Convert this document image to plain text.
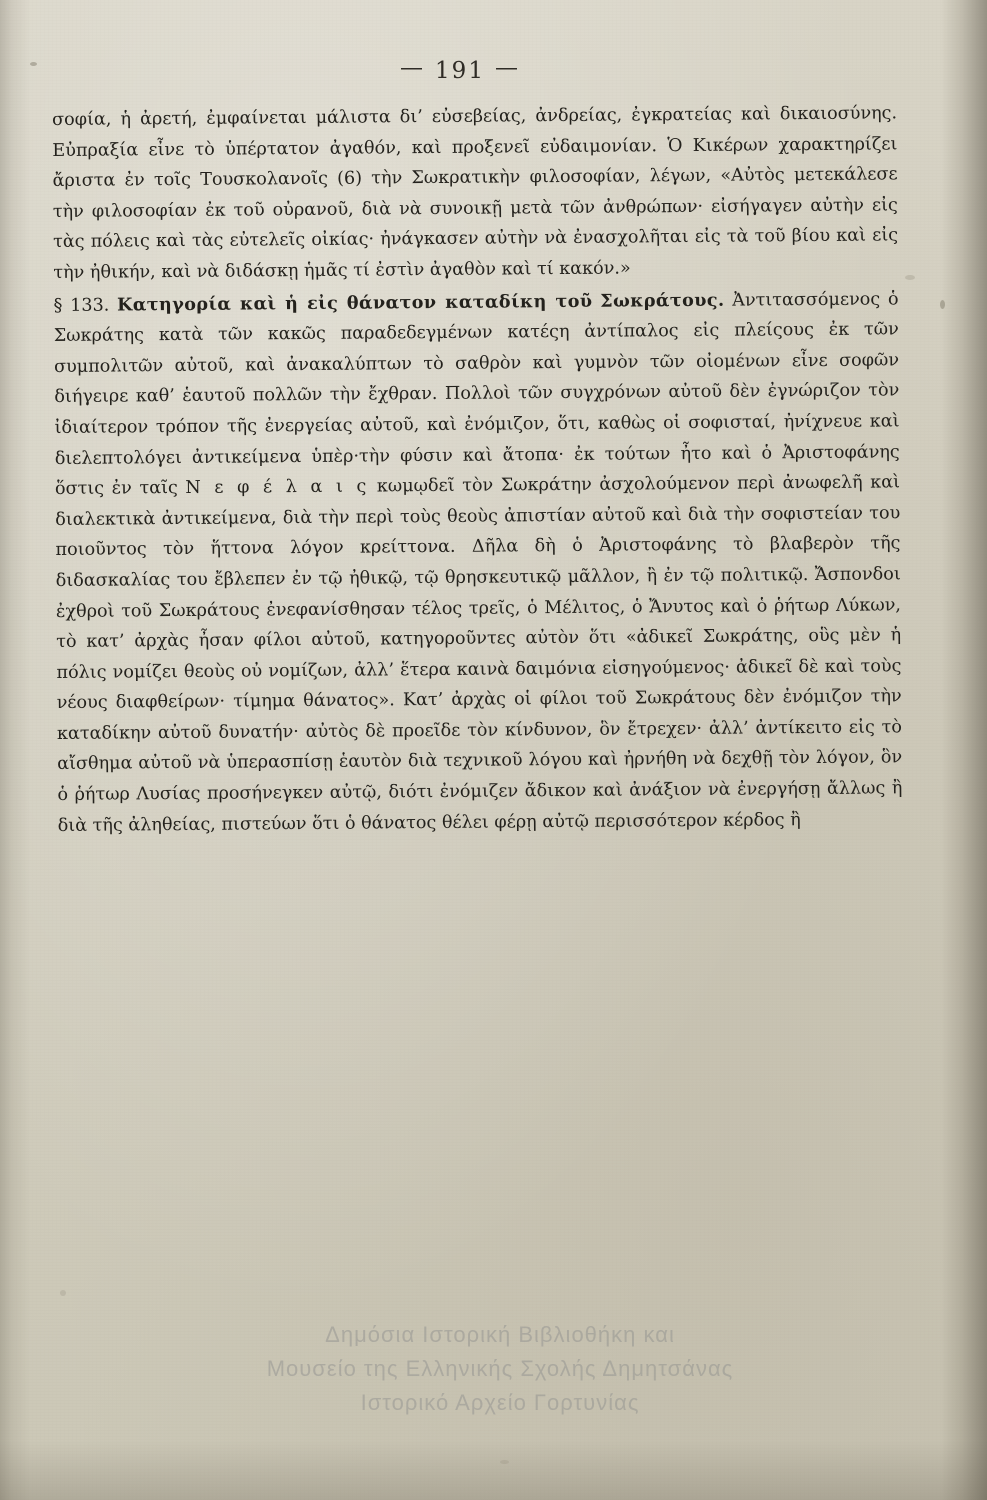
— 191 —

σοφία, ἡ ἀρετή, ἐμφαίνεται μάλιστα δι’ εὐσεβείας, ἀνδρείας, ἐγκρατείας καὶ δικαιοσύνης. Εὐπραξία εἶνε τὸ ὑπέρτατον ἀγαθόν, καὶ προξενεῖ εὐδαιμονίαν. Ὁ Κικέρων χαρακτηρίζει ἄριστα ἐν τοῖς Τουσκολανοῖς (6) τὴν Σωκρατικὴν φιλοσοφίαν, λέγων, «Αὐτὸς μετεκάλεσε τὴν φιλοσοφίαν ἐκ τοῦ οὐρανοῦ, διὰ νὰ συνοικῇ μετὰ τῶν ἀνθρώπων· εἰσήγαγεν αὐτὴν εἰς τὰς πόλεις καὶ τὰς εὐτελεῖς οἰκίας· ἠνάγκασεν αὐτὴν νὰ ἐνασχολῆται εἰς τὰ τοῦ βίου καὶ εἰς τὴν ἠθικήν, καὶ νὰ διδάσκῃ ἡμᾶς τί ἐστὶν ἀγαθὸν καὶ τί κακόν.»

§ 133. Κατηγορία καὶ ἡ εἰς θάνατον καταδίκη τοῦ Σωκράτους. Ἀντιτασσόμενος ὁ Σωκράτης κατὰ τῶν κακῶς παραδεδεγμένων κατέςη ἀντίπαλος εἰς πλείςους ἐκ τῶν συμπολιτῶν αὐτοῦ, καὶ ἀνακαλύπτων τὸ σαθρὸν καὶ γυμνὸν τῶν οἰομένων εἶνε σοφῶν διήγειρε καθ’ ἑαυτοῦ πολλῶν τὴν ἔχθραν. Πολλοὶ τῶν συγχρόνων αὐτοῦ δὲν ἐγνώριζον τὸν ἰδιαίτερον τρόπον τῆς ἐνεργείας αὐτοῦ, καὶ ἐνόμιζον, ὅτι, καθὼς οἱ σοφισταί, ἠνίχνευε καὶ διελεπτολόγει ἀντικείμενα ὑπὲρ·τὴν φύσιν καὶ ἄτοπα· ἐκ τούτων ἦτο καὶ ὁ Ἀριστοφάνης ὅστις ἐν ταῖς Ν ε φ έ λ α ι ς κωμῳδεῖ τὸν Σωκράτην ἀσχολούμενον περὶ ἀνωφελῆ καὶ διαλεκτικὰ ἀντικείμενα, διὰ τὴν περὶ τοὺς θεοὺς ἀπιστίαν αὐτοῦ καὶ διὰ τὴν σοφιστείαν του ποιοῦντος τὸν ἥττονα λόγον κρείττονα. Δῆλα δὴ ὁ Ἀριστοφάνης τὸ βλαβερὸν τῆς διδασκαλίας του ἔβλεπεν ἐν τῷ ἠθικῷ, τῷ θρησκευτικῷ μᾶλλον, ἢ ἐν τῷ πολιτικῷ. Ἄσπονδοι ἐχθροὶ τοῦ Σωκράτους ἐνεφανίσθησαν τέλος τρεῖς, ὁ Μέλιτος, ὁ Ἄνυτος καὶ ὁ ῥήτωρ Λύκων, τὸ κατ’ ἀρχὰς ἦσαν φίλοι αὐτοῦ, κατηγοροῦντες αὐτὸν ὅτι «ἀδικεῖ Σωκράτης, οὓς μὲν ἡ πόλις νομίζει θεοὺς οὐ νομίζων, ἀλλ’ ἕτερα καινὰ δαιμόνια εἰσηγούμενος· ἀδικεῖ δὲ καὶ τοὺς νέους διαφθείρων· τίμημα θάνατος». Κατ’ ἀρχὰς οἱ φίλοι τοῦ Σωκράτους δὲν ἐνόμιζον τὴν καταδίκην αὐτοῦ δυνατήν· αὐτὸς δὲ προεῖδε τὸν κίνδυνον, ὃν ἔτρεχεν· ἀλλ’ ἀντίκειτο εἰς τὸ αἴσθημα αὐτοῦ νὰ ὑπερασπίσῃ ἑαυτὸν διὰ τεχνικοῦ λόγου καὶ ἠρνήθη νὰ δεχθῇ τὸν λόγον, ὃν ὁ ῥήτωρ Λυσίας προσήνεγκεν αὐτῷ, διότι ἐνόμιζεν ἄδικον καὶ ἀνάξιον νὰ ἐνεργήσῃ ἄλλως ἢ διὰ τῆς ἀληθείας, πιστεύων ὅτι ὁ θάνατος θέλει φέρῃ αὐτῷ περισσότερον κέρδος ἢ

Δημόσια Ιστορική Βιβλιοθήκη και
Μουσείο της Ελληνικής Σχολής Δημητσάνας
Ιστορικό Αρχείο Γορτυνίας
